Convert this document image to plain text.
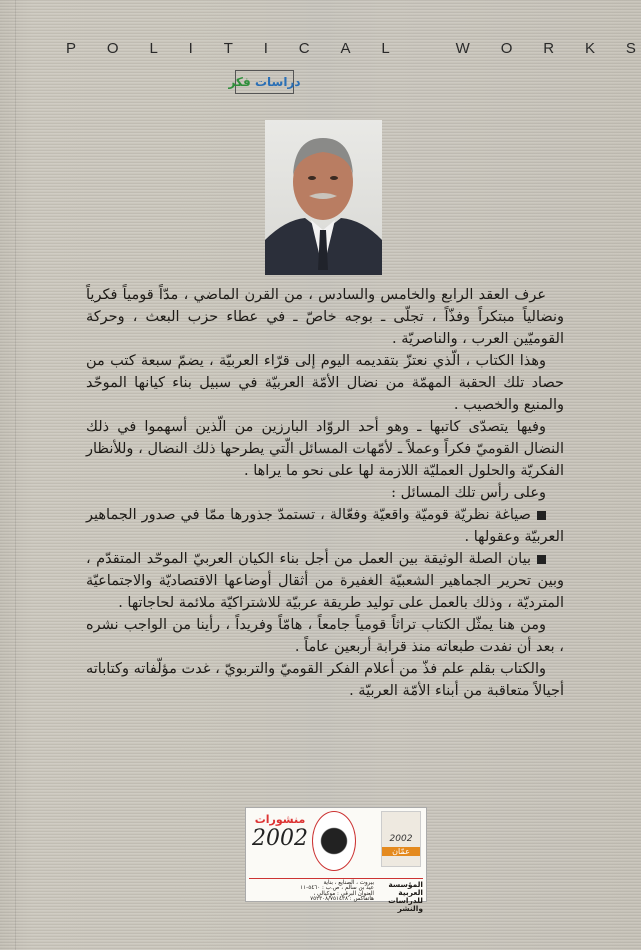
P O L I T I C A L
	W O R K S
دراسات

فكر

عرف العقد الرابع والخامس والسادس ، من القرن الماضي ، مدّاً قومياً فكرياً ونضالياً مبتكراً وفذّاً ، تجلّى ـ بوجه خاصّ ـ في عطاء حزب البعث ، وحركة القوميّين العرب ، والناصريّة .

وهذا الكتاب ، الّذي نعتزّ بتقديمه اليوم إلى قرّاء العربيّة ، يضمّ سبعة كتب من حصاد تلك الحقبة المهمّة من نضال الأمّة العربيّة في سبيل بناء كيانها الموحّد والمنيع والخصيب .

وفيها يتصدّى كاتبها ـ وهو أحد الروّاد البارزين من الّذين أسهموا في ذلك النضال القوميّ فكراً وعملاً ـ لأمّهات المسائل الّتي يطرحها ذلك النضال ، وللأنظار الفكريّة والحلول العمليّة اللازمة لها على نحو ما يراها .

وعلى رأس تلك المسائل :

صياغة نظريّة قوميّة واقعيّة وفعّالة ، تستمدّ جذورها ممّا في صدور الجماهير العربيّة وعقولها .

بيان الصلة الوثيقة بين العمل من أجل بناء الكيان العربيّ الموحّد المتقدّم ، وبين تحرير الجماهير الشعبيّة الغفيرة من أثقال أوضاعها الاقتصاديّة والاجتماعيّة المترديّة ، وذلك بالعمل على توليد طريقة عربيّة للاشتراكيّة ملائمة لحاجاتها .

ومن هنا يمثّل الكتاب تراثاً قومياً جامعاً ، هامّاً وفريداً ، رأينا من الواجب نشره ، بعد أن نفدت طبعاته منذ قرابة أربعين عاماً .

والكتاب بقلم علم فذّ من أعلام الفكر القوميّ والتربويّ ، غدت مؤلّفاته وكتاباته أجيالاً متعاقبة من أبناء الأمّة العربيّة .

منشورات
2002	2002
عمّان
المؤسسة العربية للدراسات والنشر
بيروت ، الصنايع ، بناية
عيد بن سالم ، ص.ب : ٥٤٦٠-١١
العنوان البرقي : موكيالي ،
هاتفاكس : ٧٥٢٣٠٨/٧٥١٤٣٨
